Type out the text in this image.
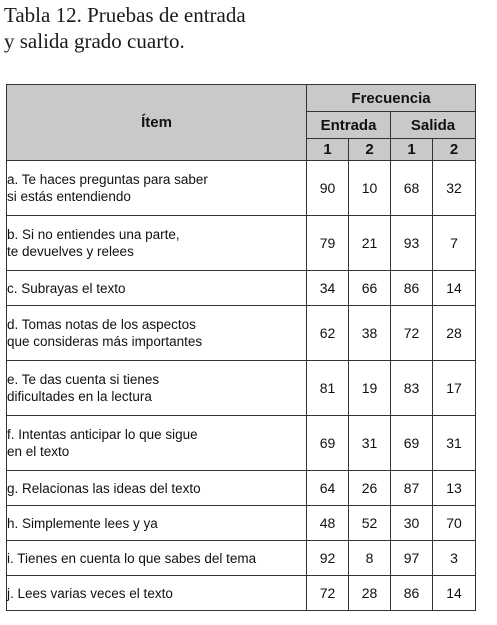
Tabla 12. Pruebas de entrada
y salida grado cuarto.
Ítem	Frecuencia			
	Entrada		Salida	
	1	2	1	2

a. Te haces preguntas para saber
si estás entendiendo	90	10	68	32

b. Si no entiendes una parte,
te devuelves y relees	79	21	93	7

c. Subrayas el texto	34	66	86	14

d. Tomas notas de los aspectos
que consideras más importantes	62	38	72	28

e. Te das cuenta si tienes
dificultades en la lectura	81	19	83	17

f. Intentas anticipar lo que sigue
en el texto	69	31	69	31

g. Relacionas las ideas del texto	64	26	87	13

h. Simplemente lees y ya	48	52	30	70

i. Tienes en cuenta lo que sabes del tema	92	8	97	3

j. Lees varias veces el texto	72	28	86	14
